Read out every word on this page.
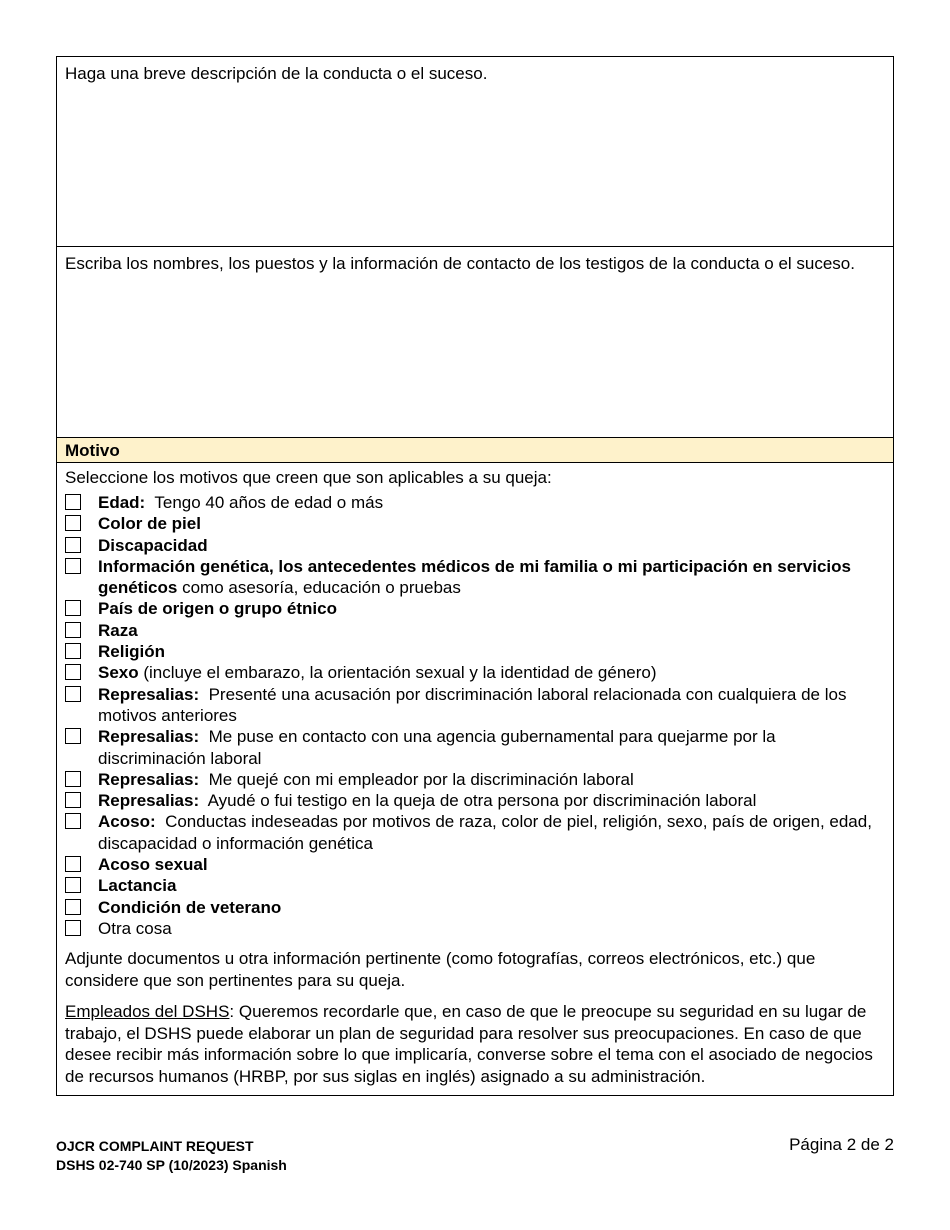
Haga una breve descripción de la conducta o el suceso.
Escriba los nombres, los puestos y la información de contacto de los testigos de la conducta o el suceso.
Motivo
Seleccione los motivos que creen que son aplicables a su queja:
Edad:  Tengo 40 años de edad o más
Color de piel
Discapacidad
Información genética, los antecedentes médicos de mi familia o mi participación en servicios genéticos como asesoría, educación o pruebas
País de origen o grupo étnico
Raza
Religión
Sexo (incluye el embarazo, la orientación sexual y la identidad de género)
Represalias:  Presenté una acusación por discriminación laboral relacionada con cualquiera de los motivos anteriores
Represalias:  Me puse en contacto con una agencia gubernamental para quejarme por la discriminación laboral
Represalias:  Me quejé con mi empleador por la discriminación laboral
Represalias:  Ayudé o fui testigo en la queja de otra persona por discriminación laboral
Acoso:  Conductas indeseadas por motivos de raza, color de piel, religión, sexo, país de origen, edad, discapacidad o información genética
Acoso sexual
Lactancia
Condición de veterano
Otra cosa
Adjunte documentos u otra información pertinente (como fotografías, correos electrónicos, etc.) que considere que son pertinentes para su queja.
Empleados del DSHS: Queremos recordarle que, en caso de que le preocupe su seguridad en su lugar de trabajo, el DSHS puede elaborar un plan de seguridad para resolver sus preocupaciones. En caso de que desee recibir más información sobre lo que implicaría, converse sobre el tema con el asociado de negocios de recursos humanos (HRBP, por sus siglas en inglés) asignado a su administración.
OJCR COMPLAINT REQUEST
DSHS 02-740 SP (10/2023) Spanish
Página 2 de 2
